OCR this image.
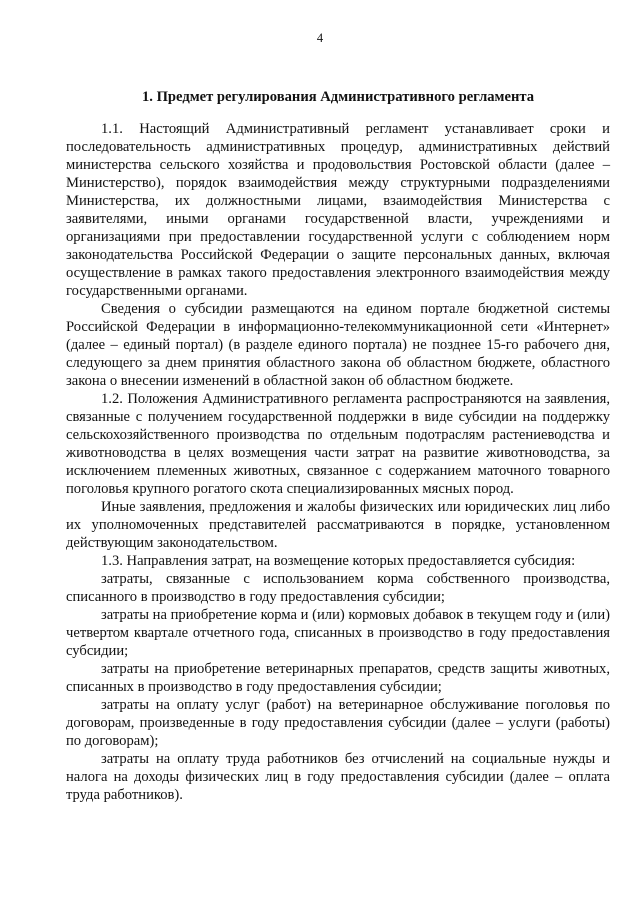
4
1. Предмет регулирования Административного регламента

1.1. Настоящий Административный регламент устанавливает сроки и последовательность административных процедур, административных действий министерства сельского хозяйства и продовольствия Ростовской области (далее – Министерство), порядок взаимодействия между структурными подразделениями Министерства, их должностными лицами, взаимодействия Министерства с заявителями, иными органами государственной власти, учреждениями и организациями при предоставлении государственной услуги с соблюдением норм законодательства Российской Федерации о защите персональных данных, включая осуществление в рамках такого предоставления электронного взаимодействия между государственными органами.

Сведения о субсидии размещаются на едином портале бюджетной системы Российской Федерации в информационно-телекоммуникационной сети «Интернет» (далее – единый портал) (в разделе единого портала) не позднее 15-го рабочего дня, следующего за днем принятия областного закона об областном бюджете, областного закона о внесении изменений в областной закон об областном бюджете.

1.2. Положения Административного регламента распространяются на заявления, связанные с получением государственной поддержки в виде субсидии на поддержку сельскохозяйственного производства по отдельным подотраслям растениеводства и животноводства в целях возмещения части затрат на развитие животноводства, за исключением племенных животных, связанное с содержанием маточного товарного поголовья крупного рогатого скота специализированных мясных пород.

Иные заявления, предложения и жалобы физических или юридических лиц либо их уполномоченных представителей рассматриваются в порядке, установленном действующим законодательством.

1.3. Направления затрат, на возмещение которых предоставляется субсидия:

затраты, связанные с использованием корма собственного производства, списанного в производство в году предоставления субсидии;

затраты на приобретение корма и (или) кормовых добавок в текущем году и (или) четвертом квартале отчетного года, списанных в производство в году предоставления субсидии;

затраты на приобретение ветеринарных препаратов, средств защиты животных, списанных в производство в году предоставления субсидии;

затраты на оплату услуг (работ) на ветеринарное обслуживание поголовья по договорам, произведенные в году предоставления субсидии (далее – услуги (работы) по договорам);

затраты на оплату труда работников без отчислений на социальные нужды и налога на доходы физических лиц в году предоставления субсидии (далее – оплата труда работников).
